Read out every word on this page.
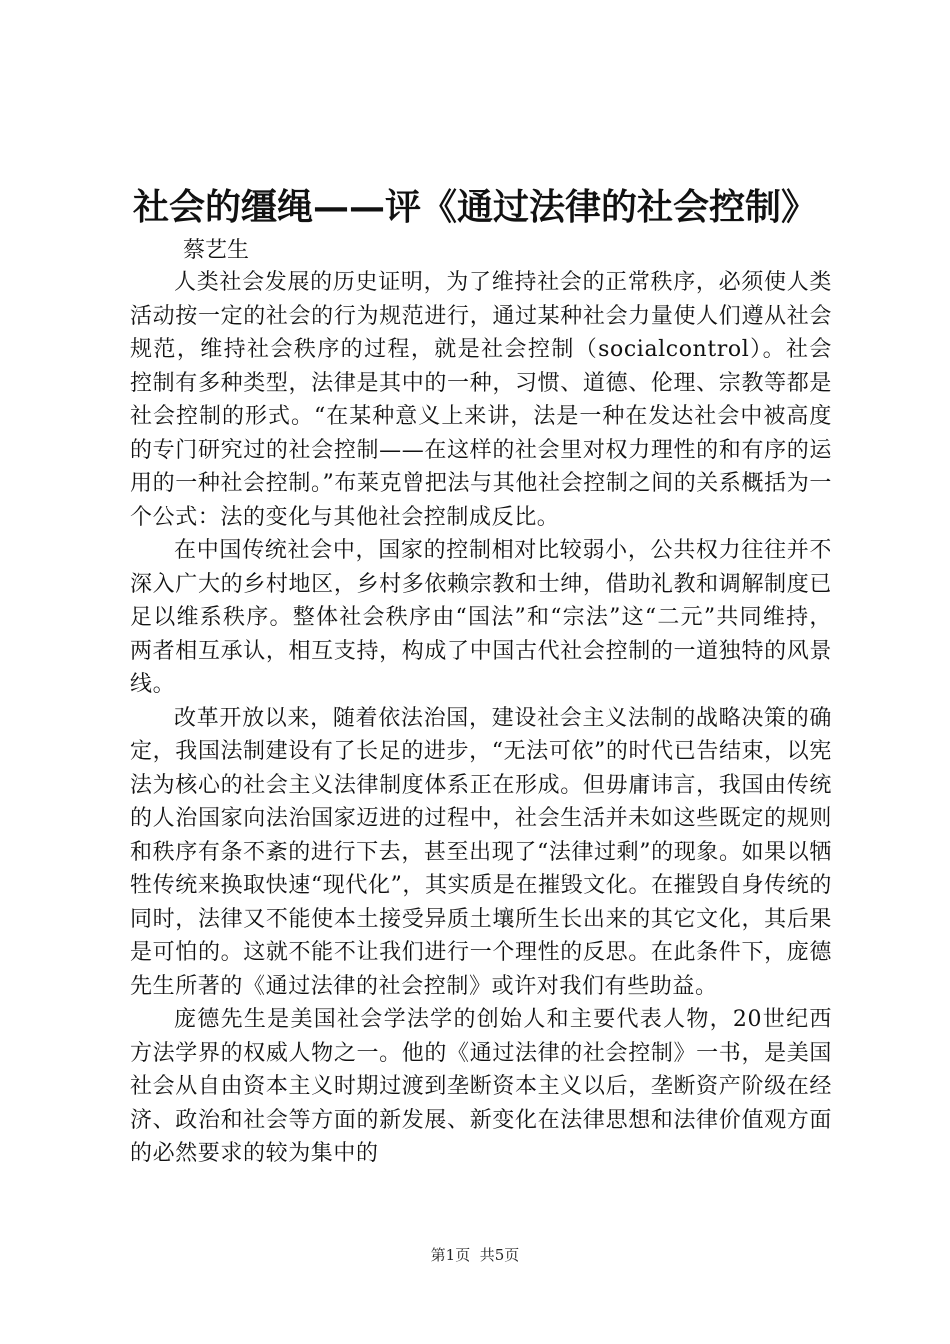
社会的缰绳——评《通过法律的社会控制》
蔡艺生

人类社会发展的历史证明，为了维持社会的正常秩序，必须使人类活动按一定的社会的行为规范进行，通过某种社会力量使人们遵从社会规范，维持社会秩序的过程，就是社会控制（socialcontrol）。社会控制有多种类型，法律是其中的一种，习惯、道德、伦理、宗教等都是社会控制的形式。“在某种意义上来讲，法是一种在发达社会中被高度的专门研究过的社会控制——在这样的社会里对权力理性的和有序的运用的一种社会控制。”布莱克曾把法与其他社会控制之间的关系概括为一个公式：法的变化与其他社会控制成反比。

在中国传统社会中，国家的控制相对比较弱小，公共权力往往并不深入广大的乡村地区，乡村多依赖宗教和士绅，借助礼教和调解制度已足以维系秩序。整体社会秩序由“国法”和“宗法”这“二元”共同维持，两者相互承认，相互支持，构成了中国古代社会控制的一道独特的风景线。

改革开放以来，随着依法治国，建设社会主义法制的战略决策的确定，我国法制建设有了长足的进步，“无法可依”的时代已告结束，以宪法为核心的社会主义法律制度体系正在形成。但毋庸讳言，我国由传统的人治国家向法治国家迈进的过程中，社会生活并未如这些既定的规则和秩序有条不紊的进行下去，甚至出现了“法律过剩”的现象。如果以牺牲传统来换取快速“现代化”，其实质是在摧毁文化。在摧毁自身传统的同时，法律又不能使本土接受异质土壤所生长出来的其它文化，其后果是可怕的。这就不能不让我们进行一个理性的反思。在此条件下，庞德先生所著的《通过法律的社会控制》或许对我们有些助益。

庞德先生是美国社会学法学的创始人和主要代表人物，20世纪西方法学界的权威人物之一。他的《通过法律的社会控制》一书，是美国社会从自由资本主义时期过渡到垄断资本主义以后，垄断资产阶级在经济、政治和社会等方面的新发展、新变化在法律思想和法律价值观方面的必然要求的较为集中的

第1页 共5页
